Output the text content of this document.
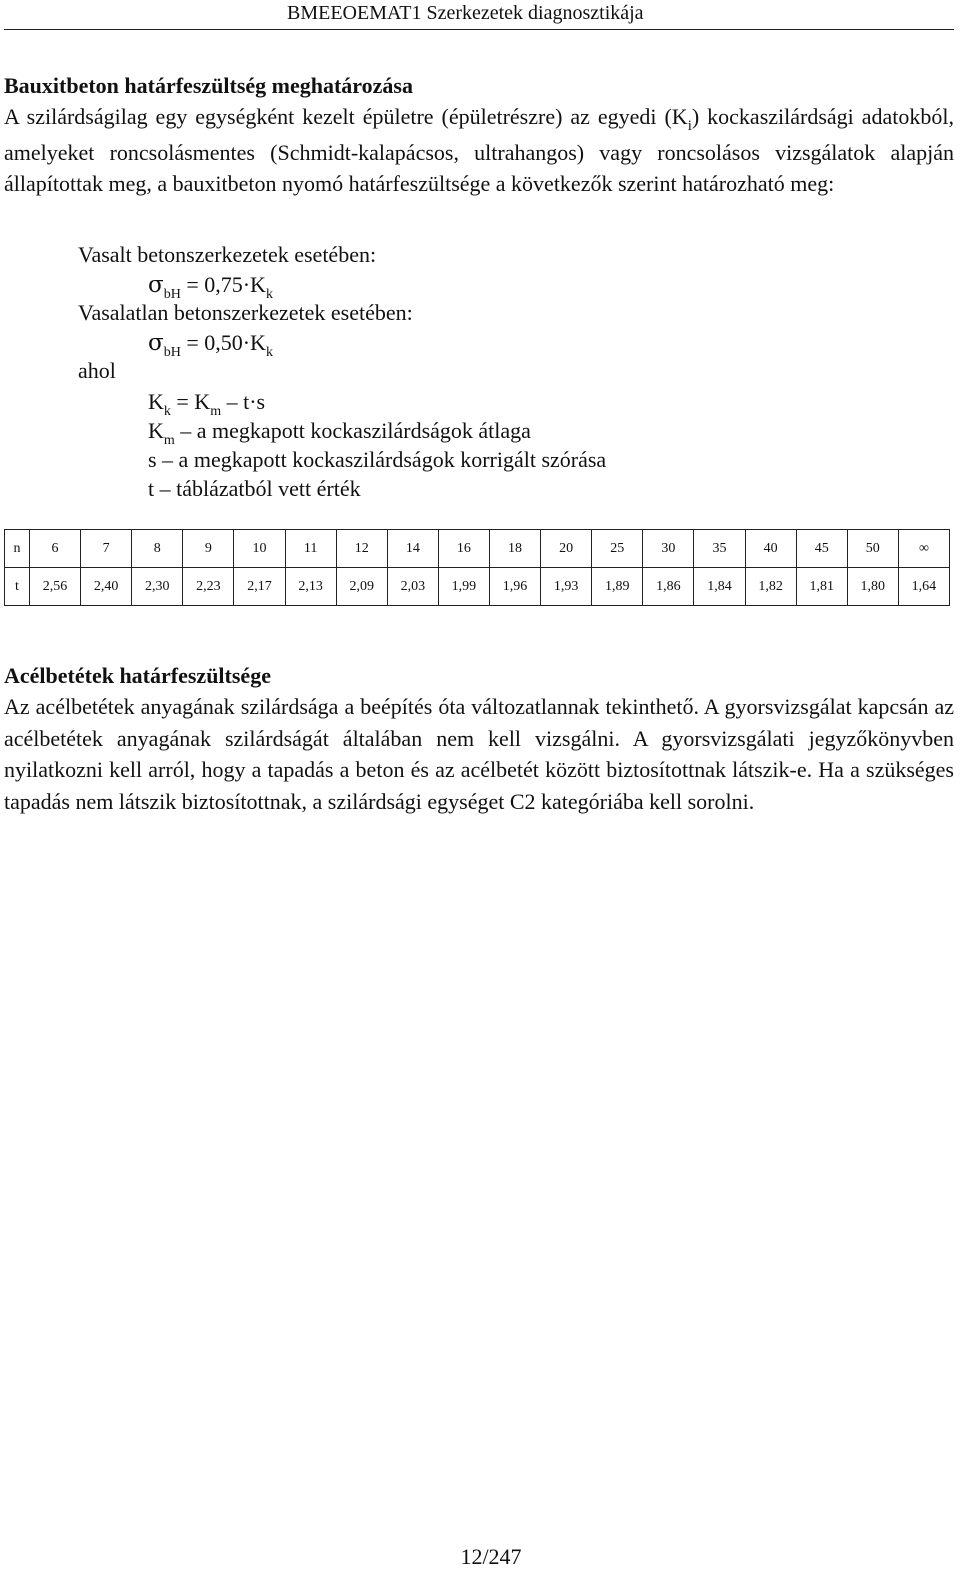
BMEEOEMAT1 Szerkezetek diagnosztikája
Bauxitbeton határfeszültség meghatározása
A szilárdságilag egy egységként kezelt épületre (épületrészre) az egyedi $(K_i)$ kockaszilárdsági adatokból, amelyeket roncsolásmentes (Schmidt-kalapácsos, ultrahangos) vagy roncsolásos vizsgálatok alapján állapítottak meg, a bauxitbeton nyomó határfeszültsége a következők szerint határozható meg:
Vasalt betonszerkezetek esetében:
$\sigma_{bH} = 0,75\cdot K_k$
Vasalatlan betonszerkezetek esetében:
$\sigma_{bH} = 0,50\cdot K_k$
ahol
$K_k = K_m - t\cdot s$
$K_m$ – a megkapott kockaszilárdságok átlaga
s – a megkapott kockaszilárdságok korrigált szórása
t – táblázatból vett érték
n	6	7	8	9	10	11	12	14	16	18	20	25	30	35	40	45	50	∞
t	2,56	2,40	2,30	2,23	2,17	2,13	2,09	2,03	1,99	1,96	1,93	1,89	1,86	1,84	1,82	1,81	1,80	1,64
Acélbetétek határfeszültsége
Az acélbetétek anyagának szilárdsága a beépítés óta változatlannak tekinthető. A gyorsvizsgálat kapcsán az acélbetétek anyagának szilárdságát általában nem kell vizsgálni. A gyorsvizsgálati jegyzőkönyvben nyilatkozni kell arról, hogy a tapadás a beton és az acélbetét között biztosítottnak látszik-e. Ha a szükséges tapadás nem látszik biztosítottnak, a szilárdsági egységet C2 kategóriába kell sorolni.
12/247
